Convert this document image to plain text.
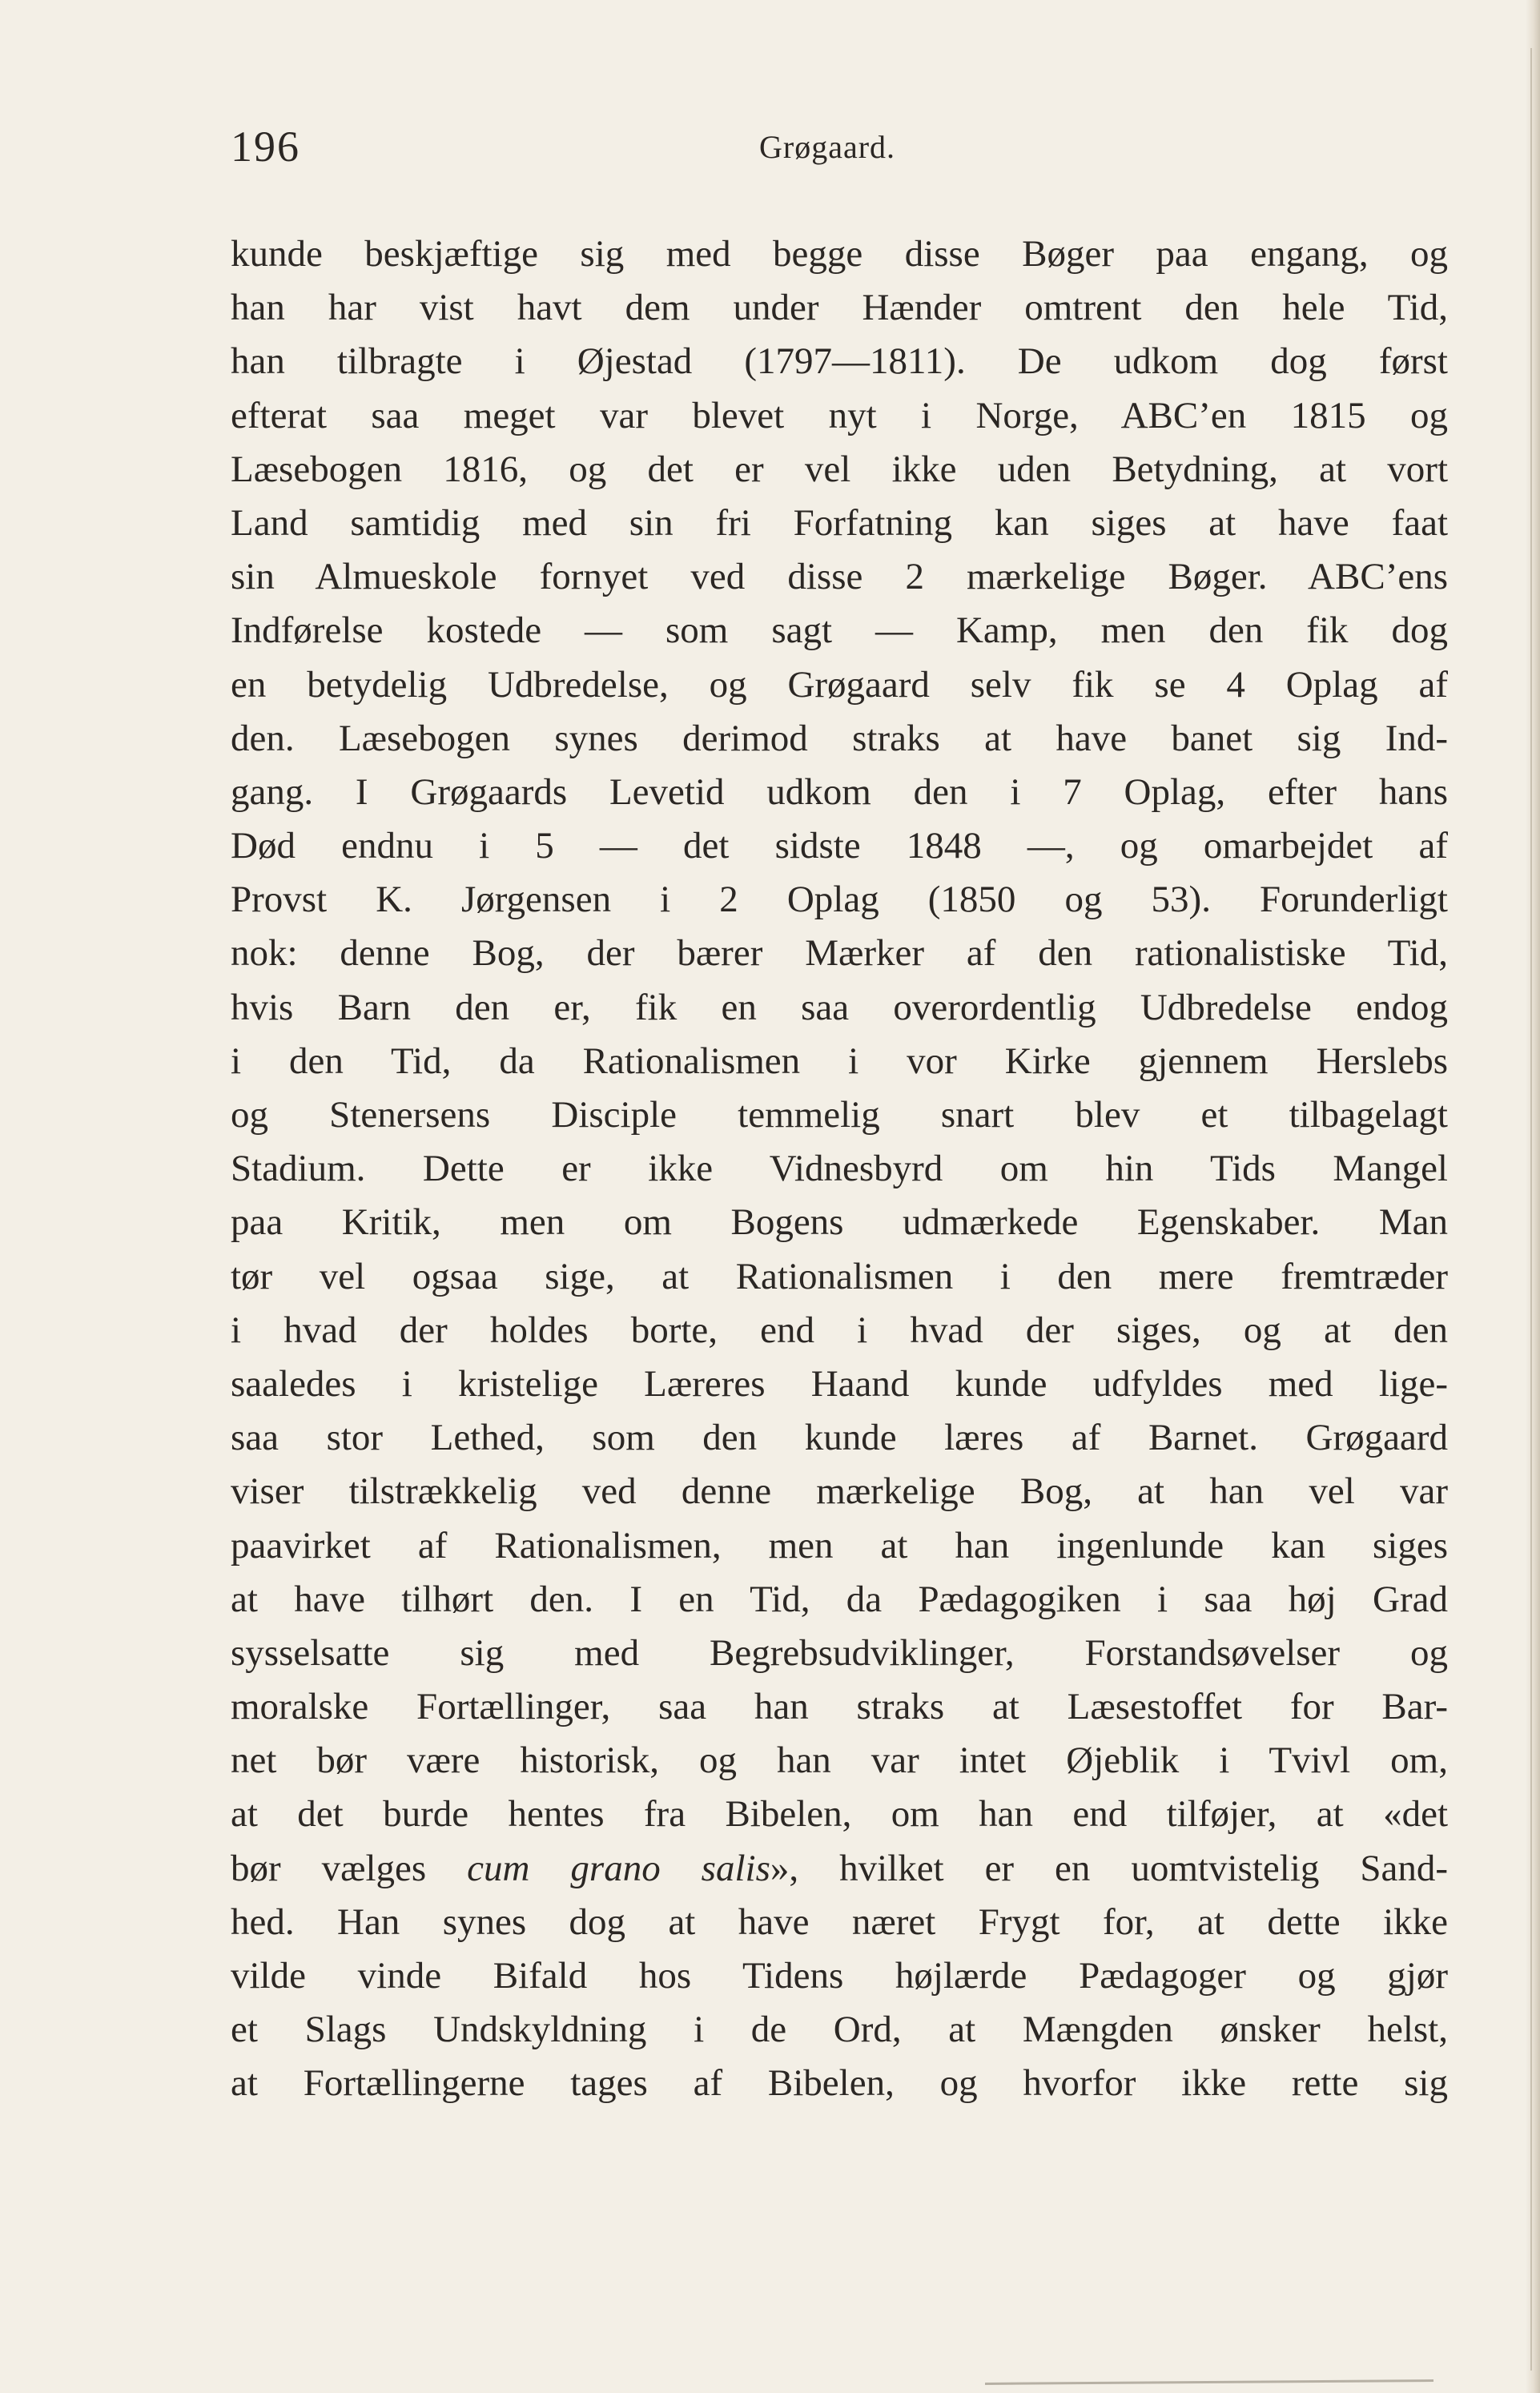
196	Grøgaard.
kunde beskjæftige sig med begge disse Bøger paa engang, og
han har vist havt dem under Hænder omtrent den hele Tid,
han tilbragte i Øjestad (1797—1811). De udkom dog først
efterat saa meget var blevet nyt i Norge, ABC’en 1815 og
Læsebogen 1816, og det er vel ikke uden Betydning, at vort
Land samtidig med sin fri Forfatning kan siges at have faat
sin Almueskole fornyet ved disse 2 mærkelige Bøger. ABC’ens
Indførelse kostede — som sagt — Kamp, men den fik dog
en betydelig Udbredelse, og Grøgaard selv fik se 4 Oplag af
den. Læsebogen synes derimod straks at have banet sig Ind-
gang. I Grøgaards Levetid udkom den i 7 Oplag, efter hans
Død endnu i 5 — det sidste 1848 —, og omarbejdet af
Provst K. Jørgensen i 2 Oplag (1850 og 53). Forunderligt
nok: denne Bog, der bærer Mærker af den rationalistiske Tid,
hvis Barn den er, fik en saa overordentlig Udbredelse endog
i den Tid, da Rationalismen i vor Kirke gjennem Herslebs
og Stenersens Disciple temmelig snart blev et tilbagelagt
Stadium. Dette er ikke Vidnesbyrd om hin Tids Mangel
paa Kritik, men om Bogens udmærkede Egenskaber. Man
tør vel ogsaa sige, at Rationalismen i den mere fremtræder
i hvad der holdes borte, end i hvad der siges, og at den
saaledes i kristelige Læreres Haand kunde udfyldes med lige-
saa stor Lethed, som den kunde læres af Barnet. Grøgaard
viser tilstrækkelig ved denne mærkelige Bog, at han vel var
paavirket af Rationalismen, men at han ingenlunde kan siges
at have tilhørt den. I en Tid, da Pædagogiken i saa høj Grad
sysselsatte sig med Begrebsudviklinger, Forstandsøvelser og
moralske Fortællinger, saa han straks at Læsestoffet for Bar-
net bør være historisk, og han var intet Øjeblik i Tvivl om,
at det burde hentes fra Bibelen, om han end tilføjer, at «det
bør vælges cum grano salis», hvilket er en uomtvistelig Sand-
hed. Han synes dog at have næret Frygt for, at dette ikke
vilde vinde Bifald hos Tidens højlærde Pædagoger og gjør
et Slags Undskyldning i de Ord, at Mængden ønsker helst,
at Fortællingerne tages af Bibelen, og hvorfor ikke rette sig
